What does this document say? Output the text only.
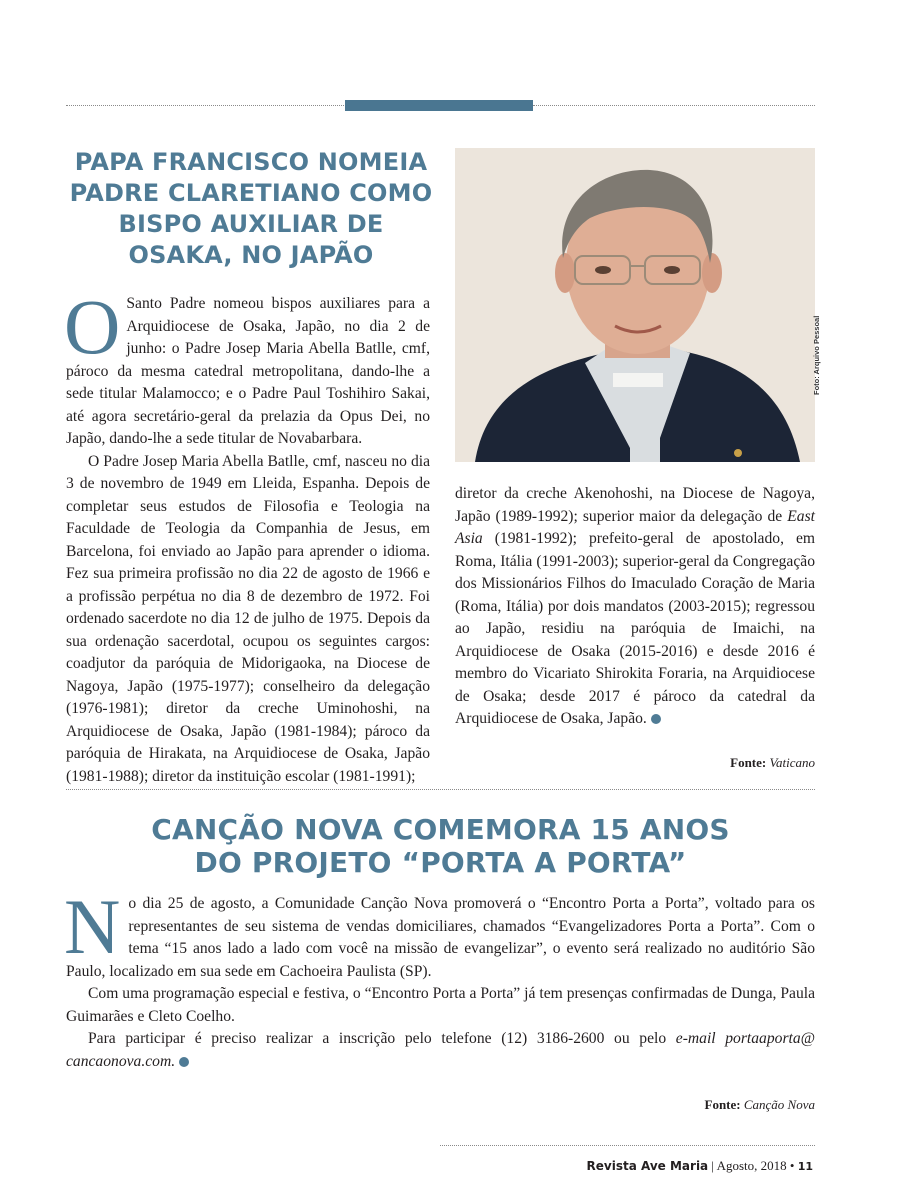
PAPA FRANCISCO NOMEIA
PADRE CLARETIANO COMO
BISPO AUXILIAR DE
OSAKA, NO JAPÃO
Foto: Arquivo Pessoal

O Santo Padre nomeou bispos auxiliares para a Arquidiocese de Osaka, Japão, no dia 2 de junho: o Padre Josep Maria Abella Batlle, cmf, pároco da mesma catedral metropolitana, dando-lhe a sede titular Malamocco; e o Padre Paul Toshihiro Sakai, até agora secretário-geral da prelazia da Opus Dei, no Japão, dando-lhe a sede titular de Novabarbara.

O Padre Josep Maria Abella Batlle, cmf, nasceu no dia 3 de novembro de 1949 em Lleida, Espanha. Depois de completar seus estudos de Filosofia e Teologia na Faculdade de Teologia da Companhia de Jesus, em Barcelona, foi enviado ao Japão para aprender o idioma. Fez sua primeira profissão no dia 22 de agosto de 1966 e a profissão perpétua no dia 8 de dezembro de 1972. Foi ordenado sacerdote no dia 12 de julho de 1975. Depois da sua ordenação sacerdotal, ocupou os seguintes cargos: coadjutor da paróquia de Midorigaoka, na Diocese de Nagoya, Japão (1975-1977); conselheiro da delegação (1976-1981); diretor da creche Uminohoshi, na Arquidiocese de Osaka, Japão (1981-1984); pároco da paróquia de Hirakata, na Arquidiocese de Osaka, Japão (1981-1988); diretor da instituição escolar (1981-1991);

diretor da creche Akenohoshi, na Diocese de Nagoya, Japão (1989-1992); superior maior da delegação de East Asia (1981-1992); prefeito-geral de apostolado, em Roma, Itália (1991-2003); superior-geral da Congregação dos Missionários Filhos do Imaculado Coração de Maria (Roma, Itália) por dois mandatos (2003-2015); regressou ao Japão, residiu na paróquia de Imaichi, na Arquidiocese de Osaka (2015-2016) e desde 2016 é membro do Vicariato Shirokita Foraria, na Arquidiocese de Osaka; desde 2017 é pároco da catedral da Arquidiocese de Osaka, Japão.

Fonte: Vaticano
CANÇÃO NOVA COMEMORA 15 ANOS
DO PROJETO “PORTA A PORTA”

No dia 25 de agosto, a Comunidade Canção Nova promoverá o “Encontro Porta a Porta”, voltado para os representantes de seu sistema de vendas domiciliares, chamados “Evangelizadores Porta a Porta”. Com o tema “15 anos lado a lado com você na missão de evangelizar”, o evento será realizado no auditório São Paulo, localizado em sua sede em Cachoeira Paulista (SP).

Com uma programação especial e festiva, o “Encontro Porta a Porta” já tem presenças confirmadas de Dunga, Paula Guimarães e Cleto Coelho.

Para participar é preciso realizar a inscrição pelo telefone (12) 3186-2600 ou pelo e-mail portaaporta@ cancaonova.com.

Fonte: Canção Nova
Revista Ave Maria | Agosto, 2018 • 11
